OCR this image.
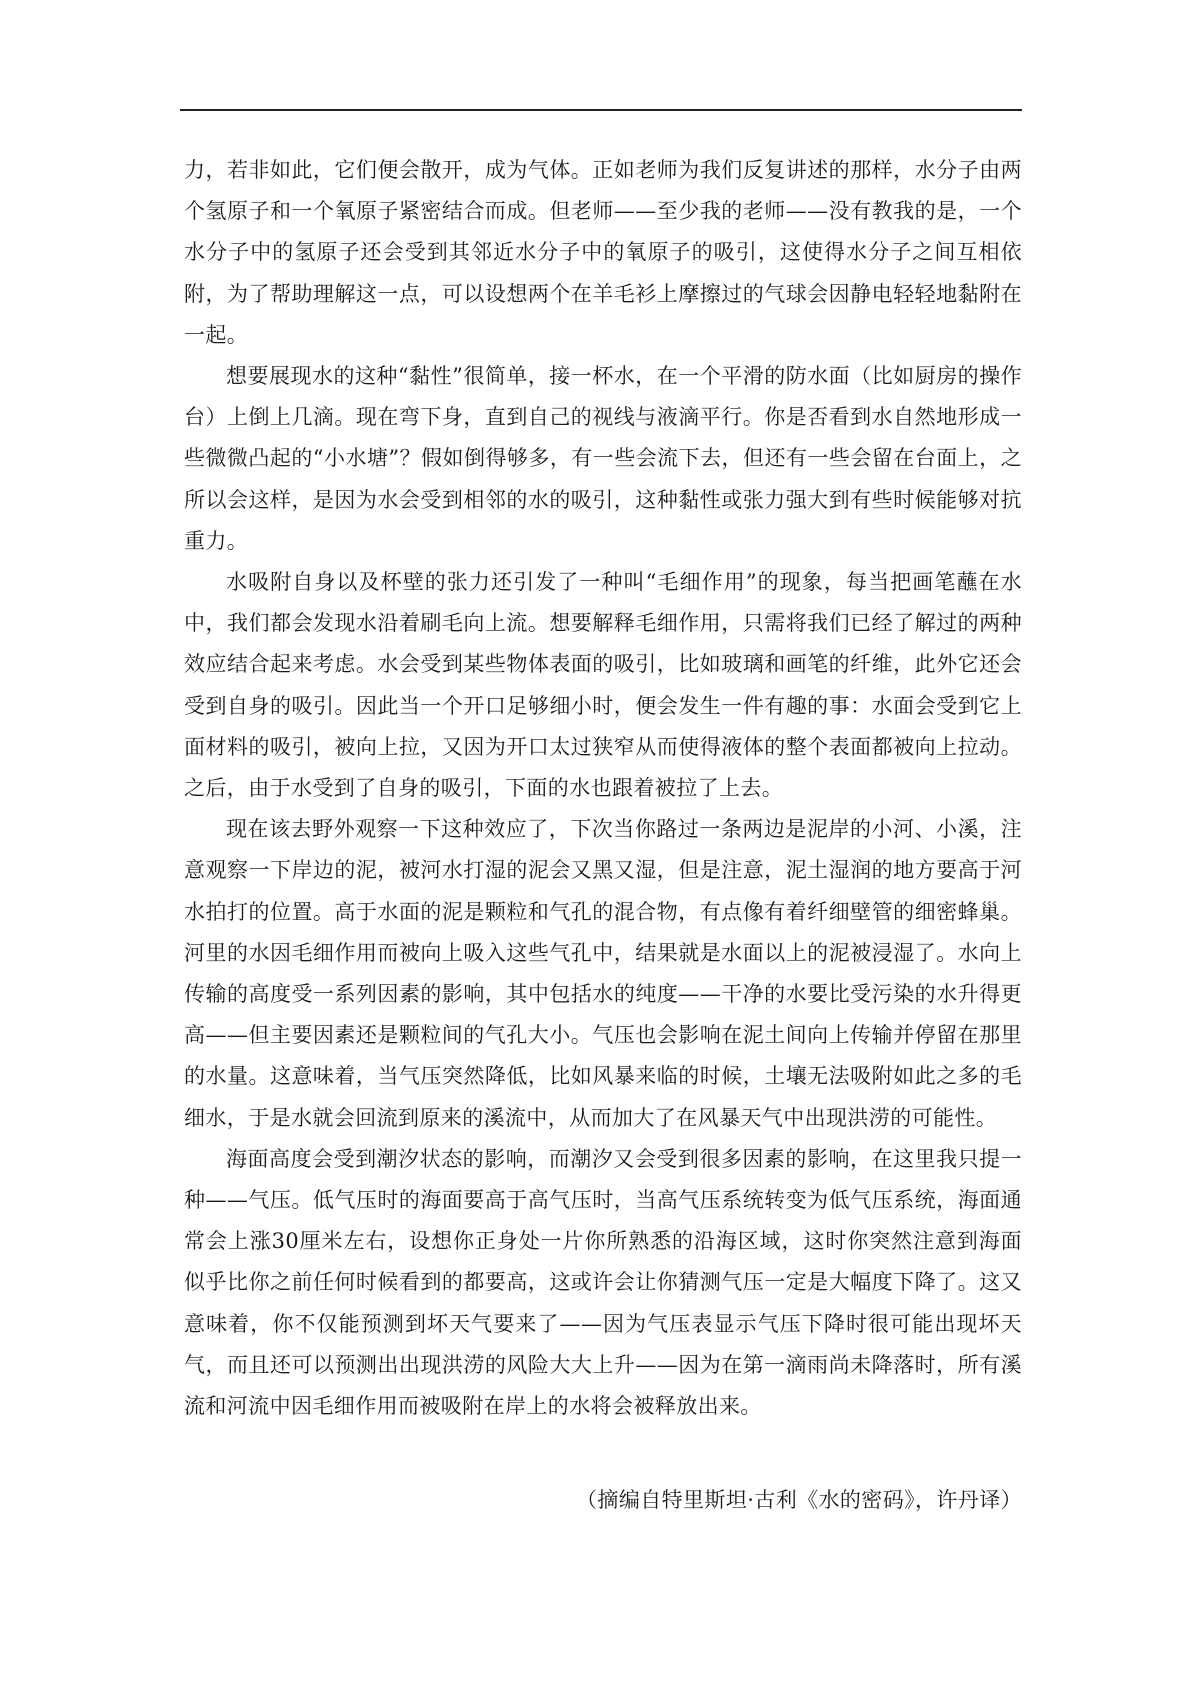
力，若非如此，它们便会散开，成为气体。正如老师为我们反复讲述的那样，水分子由两个氢原子和一个氧原子紧密结合而成。但老师——至少我的老师——没有教我的是，一个水分子中的氢原子还会受到其邻近水分子中的氧原子的吸引，这使得水分子之间互相依附，为了帮助理解这一点，可以设想两个在羊毛衫上摩擦过的气球会因静电轻轻地黏附在一起。

想要展现水的这种“黏性”很简单，接一杯水，在一个平滑的防水面（比如厨房的操作台）上倒上几滴。现在弯下身，直到自己的视线与液滴平行。你是否看到水自然地形成一些微微凸起的“小水塘”？假如倒得够多，有一些会流下去，但还有一些会留在台面上，之所以会这样，是因为水会受到相邻的水的吸引，这种黏性或张力强大到有些时候能够对抗重力。

水吸附自身以及杯壁的张力还引发了一种叫“毛细作用”的现象，每当把画笔蘸在水中，我们都会发现水沿着刷毛向上流。想要解释毛细作用，只需将我们已经了解过的两种效应结合起来考虑。水会受到某些物体表面的吸引，比如玻璃和画笔的纤维，此外它还会受到自身的吸引。因此当一个开口足够细小时，便会发生一件有趣的事：水面会受到它上面材料的吸引，被向上拉，又因为开口太过狭窄从而使得液体的整个表面都被向上拉动。之后，由于水受到了自身的吸引，下面的水也跟着被拉了上去。

现在该去野外观察一下这种效应了，下次当你路过一条两边是泥岸的小河、小溪，注意观察一下岸边的泥，被河水打湿的泥会又黑又湿，但是注意，泥土湿润的地方要高于河水拍打的位置。高于水面的泥是颗粒和气孔的混合物，有点像有着纤细壁管的细密蜂巢。河里的水因毛细作用而被向上吸入这些气孔中，结果就是水面以上的泥被浸湿了。水向上传输的高度受一系列因素的影响，其中包括水的纯度——干净的水要比受污染的水升得更高——但主要因素还是颗粒间的气孔大小。气压也会影响在泥土间向上传输并停留在那里的水量。这意味着，当气压突然降低，比如风暴来临的时候，土壤无法吸附如此之多的毛细水，于是水就会回流到原来的溪流中，从而加大了在风暴天气中出现洪涝的可能性。

海面高度会受到潮汐状态的影响，而潮汐又会受到很多因素的影响，在这里我只提一种——气压。低气压时的海面要高于高气压时，当高气压系统转变为低气压系统，海面通常会上涨30厘米左右，设想你正身处一片你所熟悉的沿海区域，这时你突然注意到海面似乎比你之前任何时候看到的都要高，这或许会让你猜测气压一定是大幅度下降了。这又意味着，你不仅能预测到坏天气要来了——因为气压表显示气压下降时很可能出现坏天气，而且还可以预测出出现洪涝的风险大大上升——因为在第一滴雨尚未降落时，所有溪流和河流中因毛细作用而被吸附在岸上的水将会被释放出来。

（摘编自特里斯坦·古利《水的密码》，许丹译）
